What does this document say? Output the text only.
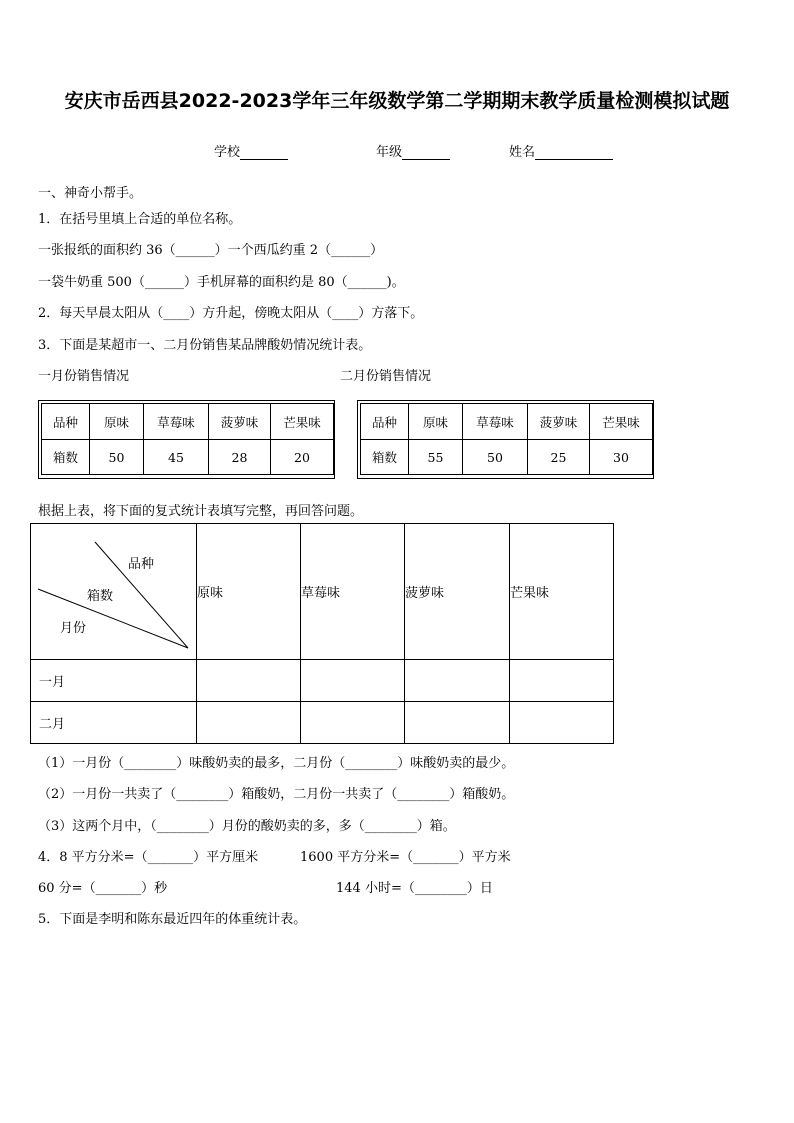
安庆市岳西县2022-2023学年三年级数学第二学期期末教学质量检测模拟试题
学校	年级	姓名
一、神奇小帮手。
1．在括号里填上合适的单位名称。
一张报纸的面积约 36（______）一个西瓜约重 2（______）
一袋牛奶重 500（______）手机屏幕的面积约是 80（______)。
2．每天早晨太阳从（____）方升起，傍晚太阳从（____）方落下。
3．下面是某超市一、二月份销售某品牌酸奶情况统计表。
一月份销售情况	二月份销售情况
品种	原味	草莓味	菠萝味	芒果味
箱数	50	45	28	20
品种	原味	草莓味	菠萝味	芒果味
箱数	55	50	25	30
根据上表，将下面的复式统计表填写完整，再回答问题。
品种
箱数
月份	原味	草莓味	菠萝味	芒果味
一月				
二月				
（1）一月份（________）味酸奶卖的最多，二月份（________）味酸奶卖的最少。
（2）一月份一共卖了（________）箱酸奶，二月份一共卖了（________）箱酸奶。
（3）这两个月中，（________）月份的酸奶卖的多，多（________）箱。
4．8 平方分米=（_______）平方厘米	1600 平方分米=（_______）平方米
60 分=（_______）秒	144 小时=（________）日
5．下面是李明和陈东最近四年的体重统计表。
